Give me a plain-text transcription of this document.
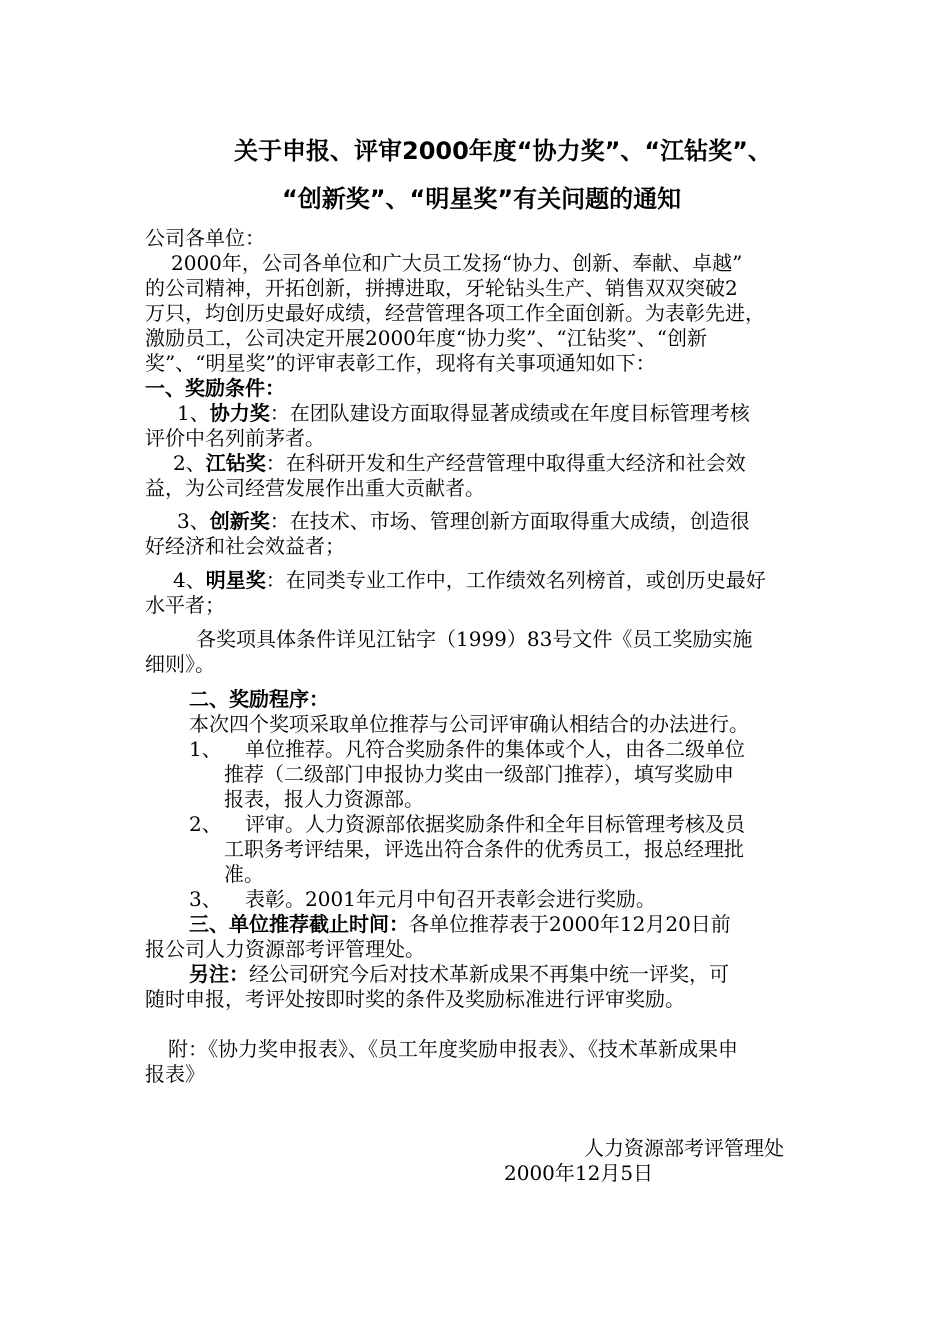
关于申报、评审2000年度“协力奖”、“江钻奖”、
“创新奖”、“明星奖”有关问题的通知
公司各单位：
2000年，公司各单位和广大员工发扬“协力、创新、奉献、卓越”
的公司精神，开拓创新，拼搏进取，牙轮钻头生产、销售双双突破2
万只，均创历史最好成绩，经营管理各项工作全面创新。为表彰先进，
激励员工，公司决定开展2000年度“协力奖”、“江钻奖”、“创新
奖”、“明星奖”的评审表彰工作，现将有关事项通知如下：
一、奖励条件：
1、协力奖：在团队建设方面取得显著成绩或在年度目标管理考核
评价中名列前茅者。
2、江钻奖：在科研开发和生产经营管理中取得重大经济和社会效
益，为公司经营发展作出重大贡献者。
3、创新奖：在技术、市场、管理创新方面取得重大成绩，创造很
好经济和社会效益者；
4、明星奖：在同类专业工作中，工作绩效名列榜首，或创历史最好
水平者；
各奖项具体条件详见江钻字（1999）83号文件《员工奖励实施
细则》。
二、奖励程序：
本次四个奖项采取单位推荐与公司评审确认相结合的办法进行。
1、 单位推荐。凡符合奖励条件的集体或个人，由各二级单位
推荐（二级部门申报协力奖由一级部门推荐），填写奖励申
报表，报人力资源部。
2、 评审。人力资源部依据奖励条件和全年目标管理考核及员
工职务考评结果，评选出符合条件的优秀员工，报总经理批
准。
3、 表彰。2001年元月中旬召开表彰会进行奖励。
三、单位推荐截止时间：各单位推荐表于2000年12月20日前
报公司人力资源部考评管理处。
另注：经公司研究今后对技术革新成果不再集中统一评奖，可
随时申报，考评处按即时奖的条件及奖励标准进行评审奖励。
附：《协力奖申报表》、《员工年度奖励申报表》、《技术革新成果申
报表》
人力资源部考评管理处
2000年12月5日
